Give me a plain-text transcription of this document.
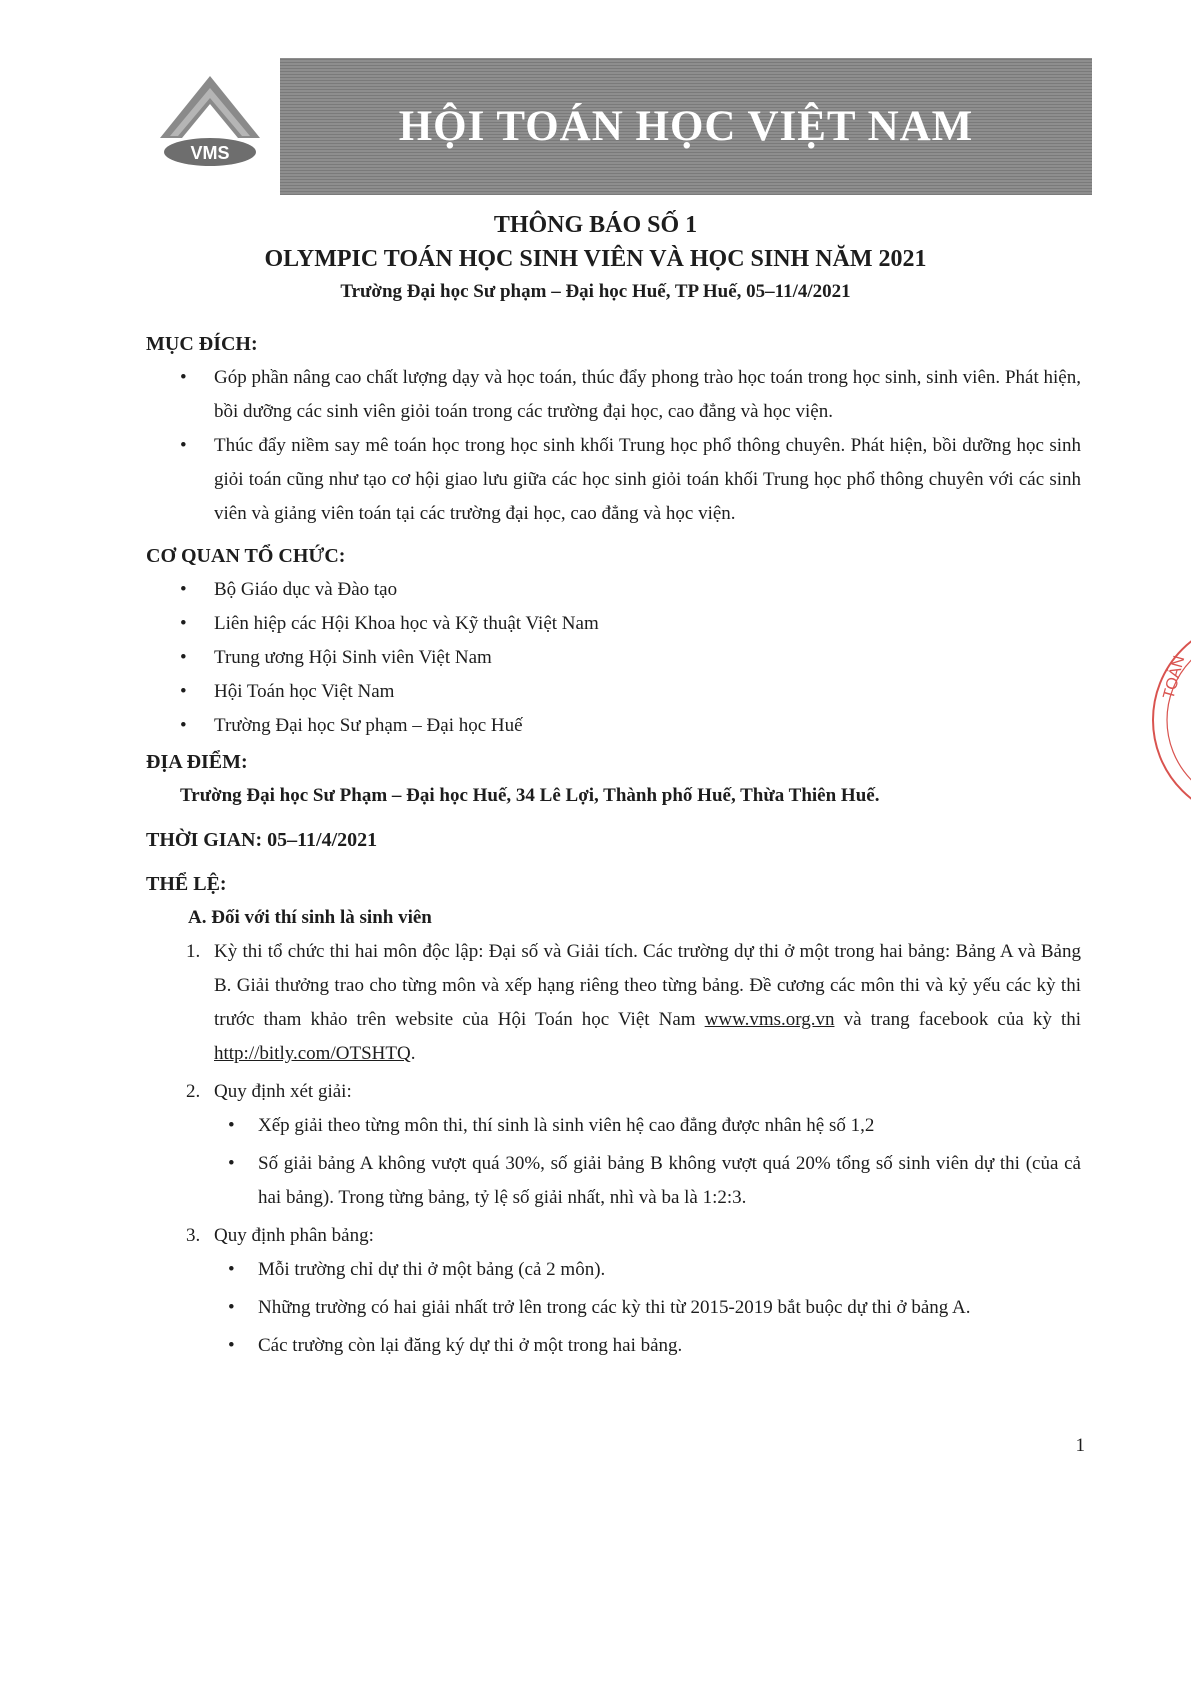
VMS
HỘI TOÁN HỌC VIỆT NAM
THÔNG BÁO SỐ 1
OLYMPIC TOÁN HỌC SINH VIÊN VÀ HỌC SINH NĂM 2021
Trường Đại học Sư phạm – Đại học Huế, TP Huế, 05–11/4/2021
MỤC ĐÍCH:
• Góp phần nâng cao chất lượng dạy và học toán, thúc đẩy phong trào học toán trong học sinh, sinh viên. Phát hiện, bồi dưỡng các sinh viên giỏi toán trong các trường đại học, cao đẳng và học viện.
• Thúc đẩy niềm say mê toán học trong học sinh khối Trung học phổ thông chuyên. Phát hiện, bồi dưỡng học sinh giỏi toán cũng như tạo cơ hội giao lưu giữa các học sinh giỏi toán khối Trung học phổ thông chuyên với các sinh viên và giảng viên toán tại các trường đại học, cao đẳng và học viện.
CƠ QUAN TỔ CHỨC:
• Bộ Giáo dục và Đào tạo
• Liên hiệp các Hội Khoa học và Kỹ thuật Việt Nam
• Trung ương Hội Sinh viên Việt Nam
• Hội Toán học Việt Nam
• Trường Đại học Sư phạm – Đại học Huế
ĐỊA ĐIỂM:
Trường Đại học Sư Phạm – Đại học Huế, 34 Lê Lợi, Thành phố Huế, Thừa Thiên Huế.
THỜI GIAN: 05–11/4/2021
THỂ LỆ:
A. Đối với thí sinh là sinh viên
1. Kỳ thi tổ chức thi hai môn độc lập: Đại số và Giải tích. Các trường dự thi ở một trong hai bảng: Bảng A và Bảng B. Giải thưởng trao cho từng môn và xếp hạng riêng theo từng bảng. Đề cương các môn thi và kỷ yếu các kỳ thi trước tham khảo trên website của Hội Toán học Việt Nam www.vms.org.vn và trang facebook của kỳ thi http://bitly.com/OTSHTQ.
2. Quy định xét giải:
• Xếp giải theo từng môn thi, thí sinh là sinh viên hệ cao đẳng được nhân hệ số 1,2
• Số giải bảng A không vượt quá 30%, số giải bảng B không vượt quá 20% tổng số sinh viên dự thi (của cả hai bảng). Trong từng bảng, tỷ lệ số giải nhất, nhì và ba là 1:2:3.
3. Quy định phân bảng:
• Mỗi trường chỉ dự thi ở một bảng (cả 2 môn).
• Những trường có hai giải nhất trở lên trong các kỳ thi từ 2015-2019 bắt buộc dự thi ở bảng A.
• Các trường còn lại đăng ký dự thi ở một trong hai bảng.
TOÁN
1
